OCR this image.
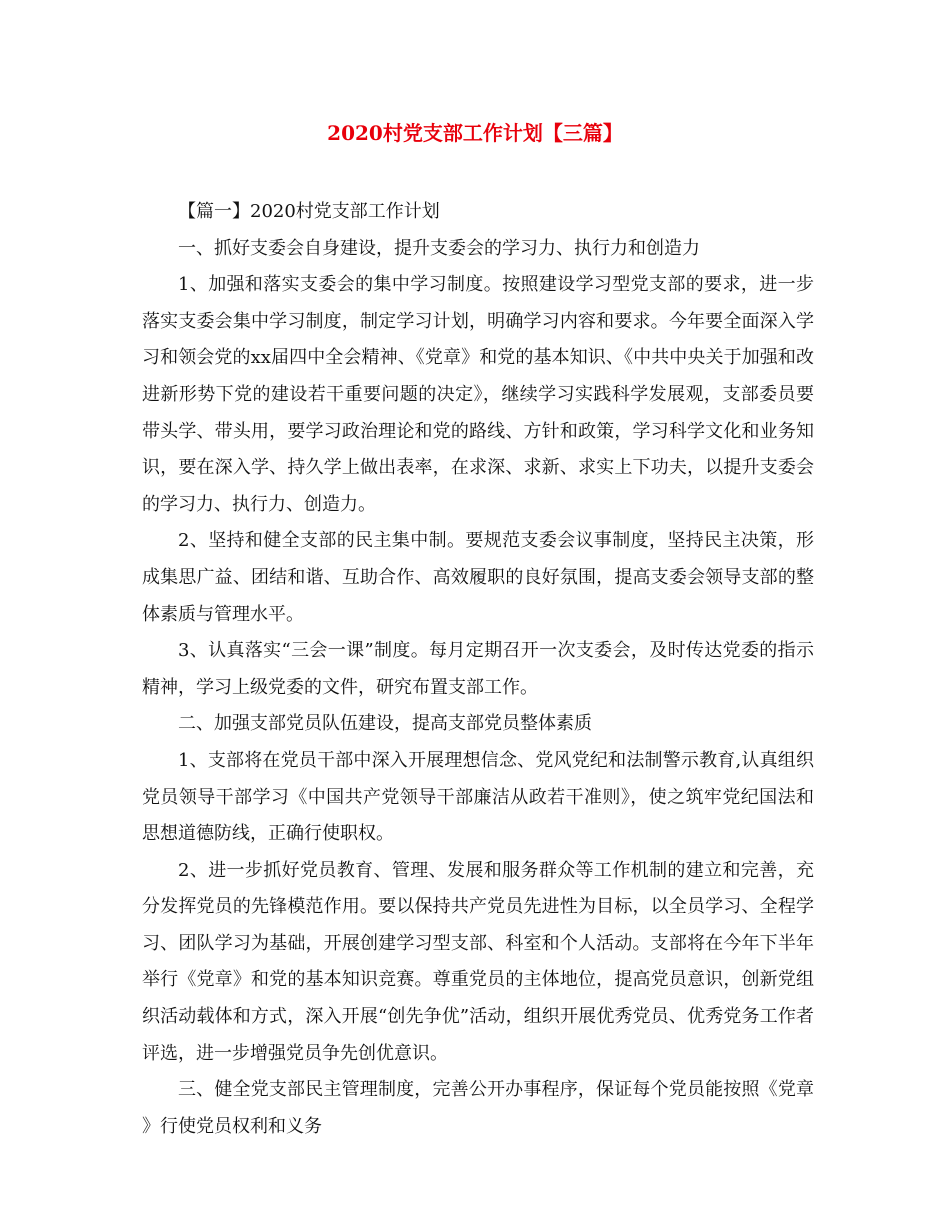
2020村党支部工作计划【三篇】

【篇一】2020村党支部工作计划

一、抓好支委会自身建设，提升支委会的学习力、执行力和创造力

1、加强和落实支委会的集中学习制度。按照建设学习型党支部的要求，进一步落实支委会集中学习制度，制定学习计划，明确学习内容和要求。今年要全面深入学习和领会党的xx届四中全会精神、《党章》和党的基本知识、《中共中央关于加强和改进新形势下党的建设若干重要问题的决定》，继续学习实践科学发展观，支部委员要带头学、带头用，要学习政治理论和党的路线、方针和政策，学习科学文化和业务知识，要在深入学、持久学上做出表率，在求深、求新、求实上下功夫，以提升支委会的学习力、执行力、创造力。

2、坚持和健全支部的民主集中制。要规范支委会议事制度，坚持民主决策，形成集思广益、团结和谐、互助合作、高效履职的良好氛围，提高支委会领导支部的整体素质与管理水平。

3、认真落实“三会一课”制度。每月定期召开一次支委会，及时传达党委的指示精神，学习上级党委的文件，研究布置支部工作。

二、加强支部党员队伍建设，提高支部党员整体素质

1、支部将在党员干部中深入开展理想信念、党风党纪和法制警示教育,认真组织党员领导干部学习《中国共产党领导干部廉洁从政若干准则》，使之筑牢党纪国法和思想道德防线，正确行使职权。

2、进一步抓好党员教育、管理、发展和服务群众等工作机制的建立和完善，充分发挥党员的先锋模范作用。要以保持共产党员先进性为目标，以全员学习、全程学习、团队学习为基础，开展创建学习型支部、科室和个人活动。支部将在今年下半年举行《党章》和党的基本知识竞赛。尊重党员的主体地位，提高党员意识，创新党组织活动载体和方式，深入开展“创先争优”活动，组织开展优秀党员、优秀党务工作者评选，进一步增强党员争先创优意识。

三、健全党支部民主管理制度，完善公开办事程序，保证每个党员能按照《党章》行使党员权利和义务
